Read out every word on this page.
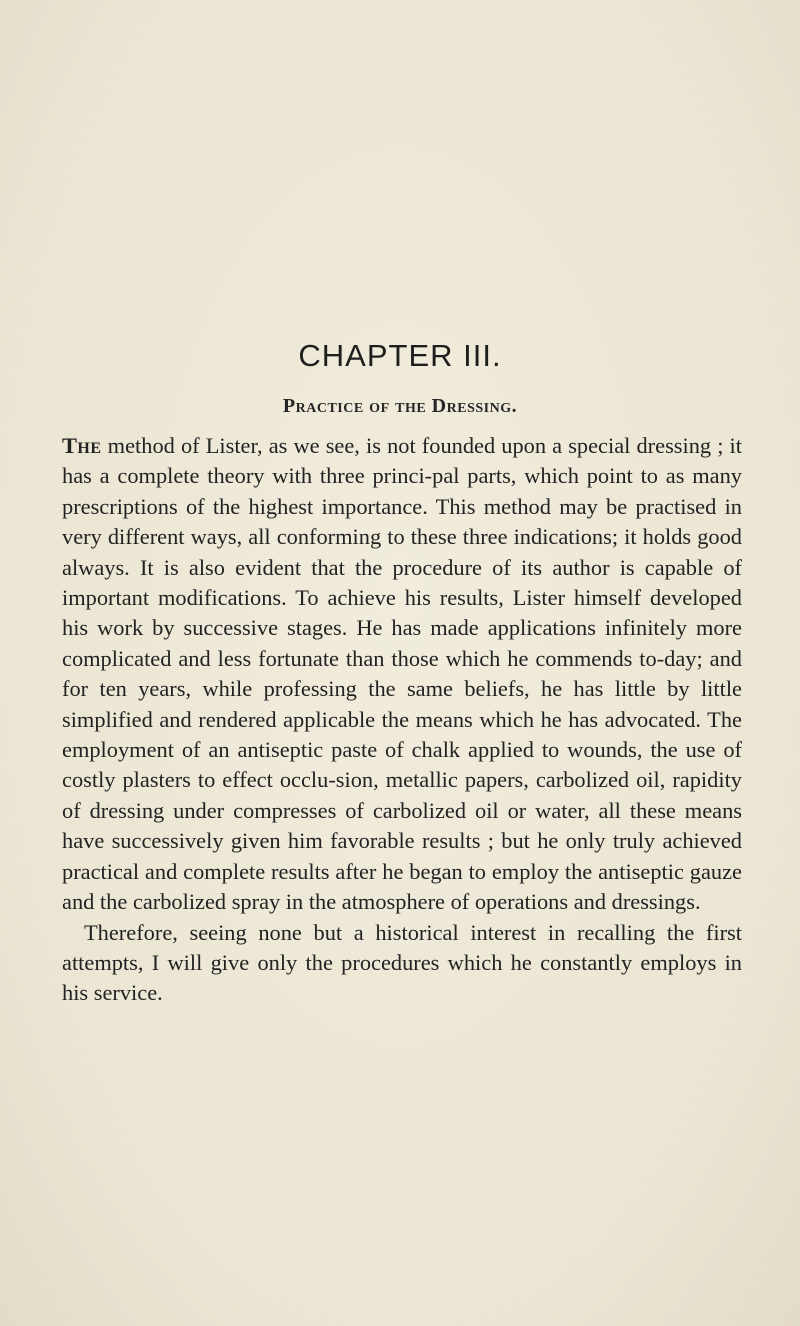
CHAPTER III.
Practice of the Dressing.

The method of Lister, as we see, is not founded upon a special dressing ; it has a complete theory with three princi-pal parts, which point to as many prescriptions of the highest importance. This method may be practised in very different ways, all conforming to these three indications; it holds good always. It is also evident that the procedure of its author is capable of important modifications. To achieve his results, Lister himself developed his work by successive stages. He has made applications infinitely more complicated and less fortunate than those which he commends to-day; and for ten years, while professing the same beliefs, he has little by little simplified and rendered applicable the means which he has advocated. The employment of an antiseptic paste of chalk applied to wounds, the use of costly plasters to effect occlu-sion, metallic papers, carbolized oil, rapidity of dressing under compresses of carbolized oil or water, all these means have successively given him favorable results ; but he only truly achieved practical and complete results after he began to employ the antiseptic gauze and the carbolized spray in the atmosphere of operations and dressings.

Therefore, seeing none but a historical interest in recalling the first attempts, I will give only the procedures which he constantly employs in his service.
